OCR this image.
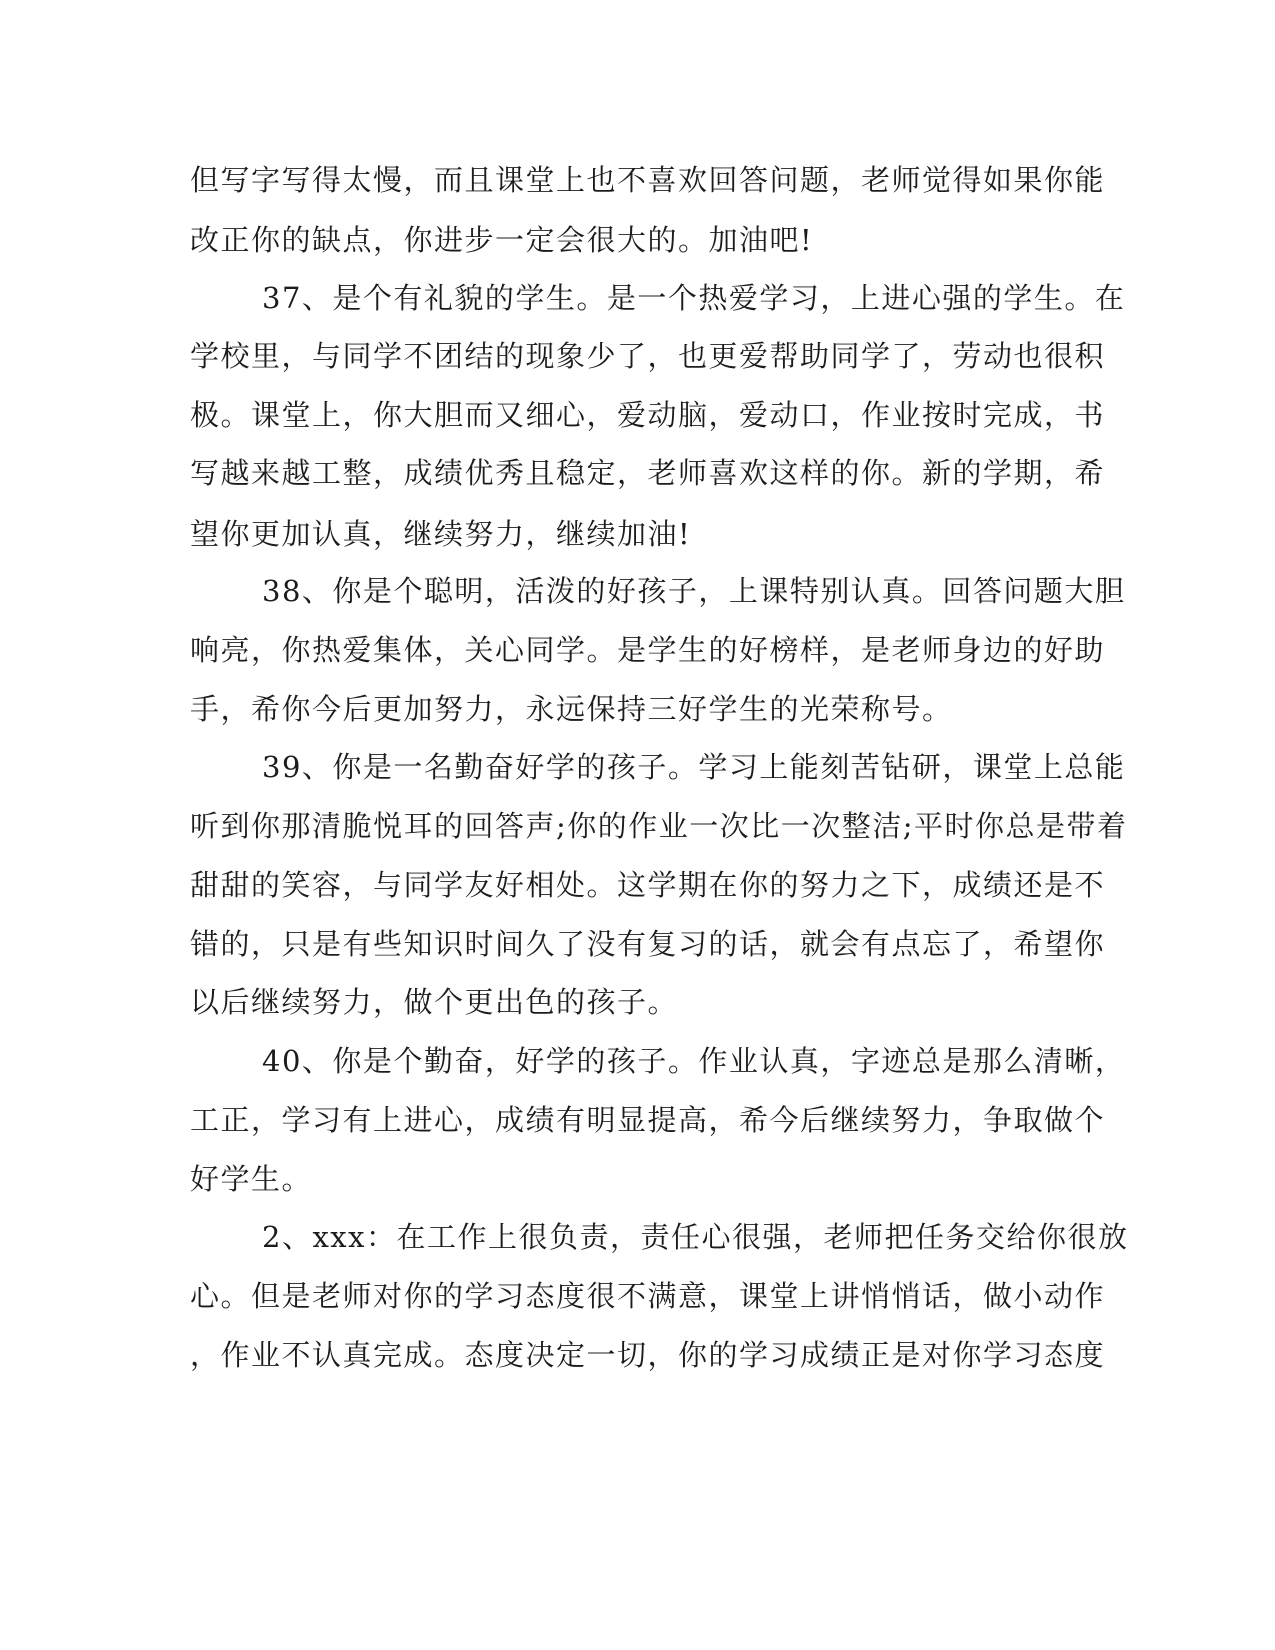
但写字写得太慢，而且课堂上也不喜欢回答问题，老师觉得如果你能
改正你的缺点，你进步一定会很大的。加油吧!
37、是个有礼貌的学生。是一个热爱学习，上进心强的学生。在
学校里，与同学不团结的现象少了，也更爱帮助同学了，劳动也很积
极。课堂上，你大胆而又细心，爱动脑，爱动口，作业按时完成，书
写越来越工整，成绩优秀且稳定，老师喜欢这样的你。新的学期，希
望你更加认真，继续努力，继续加油!
38、你是个聪明，活泼的好孩子，上课特别认真。回答问题大胆
响亮，你热爱集体，关心同学。是学生的好榜样，是老师身边的好助
手，希你今后更加努力，永远保持三好学生的光荣称号。
39、你是一名勤奋好学的孩子。学习上能刻苦钻研，课堂上总能
听到你那清脆悦耳的回答声;你的作业一次比一次整洁;平时你总是带着
甜甜的笑容，与同学友好相处。这学期在你的努力之下，成绩还是不
错的，只是有些知识时间久了没有复习的话，就会有点忘了，希望你
以后继续努力，做个更出色的孩子。
40、你是个勤奋，好学的孩子。作业认真，字迹总是那么清晰，
工正，学习有上进心，成绩有明显提高，希今后继续努力，争取做个
好学生。
2、xxx：在工作上很负责，责任心很强，老师把任务交给你很放
心。但是老师对你的学习态度很不满意，课堂上讲悄悄话，做小动作
，作业不认真完成。态度决定一切，你的学习成绩正是对你学习态度
